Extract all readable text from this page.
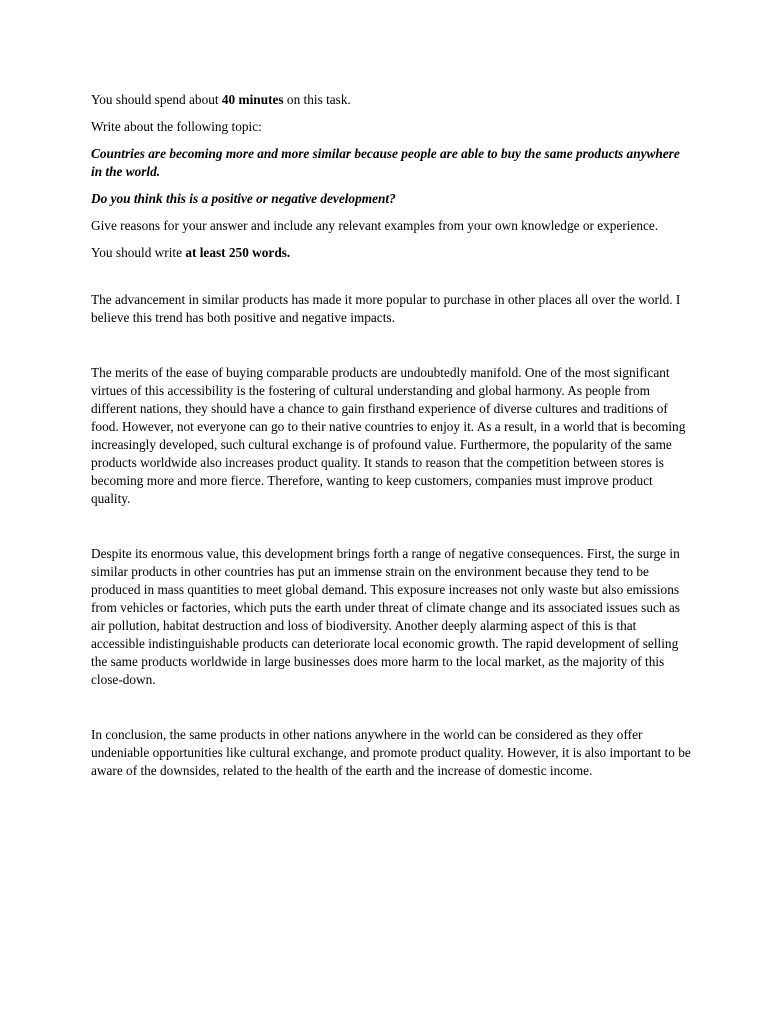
You should spend about 40 minutes on this task.

Write about the following topic:

Countries are becoming more and more similar because people are able to buy the same products anywhere in the world.

Do you think this is a positive or negative development?

Give reasons for your answer and include any relevant examples from your own knowledge or experience.

You should write at least 250 words.

The advancement in similar products has made it more popular to purchase in other places all over the world. I believe this trend has both positive and negative impacts.

The merits of the ease of buying comparable products are undoubtedly manifold. One of the most significant virtues of this accessibility is the fostering of cultural understanding and global harmony. As people from different nations, they should have a chance to gain firsthand experience of diverse cultures and traditions of food. However, not everyone can go to their native countries to enjoy it. As a result, in a world that is becoming increasingly developed, such cultural exchange is of profound value. Furthermore, the popularity of the same products worldwide also increases product quality. It stands to reason that the competition between stores is becoming more and more fierce. Therefore, wanting to keep customers, companies must improve product quality.

Despite its enormous value, this development brings forth a range of negative consequences. First, the surge in similar products in other countries has put an immense strain on the environment because they tend to be produced in mass quantities to meet global demand. This exposure increases not only waste but also emissions from vehicles or factories, which puts the earth under threat of climate change and its associated issues such as air pollution, habitat destruction and loss of biodiversity. Another deeply alarming aspect of this is that accessible indistinguishable products can deteriorate local economic growth. The rapid development of selling the same products worldwide in large businesses does more harm to the local market, as the majority of this close-down.

In conclusion, the same products in other nations anywhere in the world can be considered as they offer undeniable opportunities like cultural exchange, and promote product quality. However, it is also important to be aware of the downsides, related to the health of the earth and the increase of domestic income.
